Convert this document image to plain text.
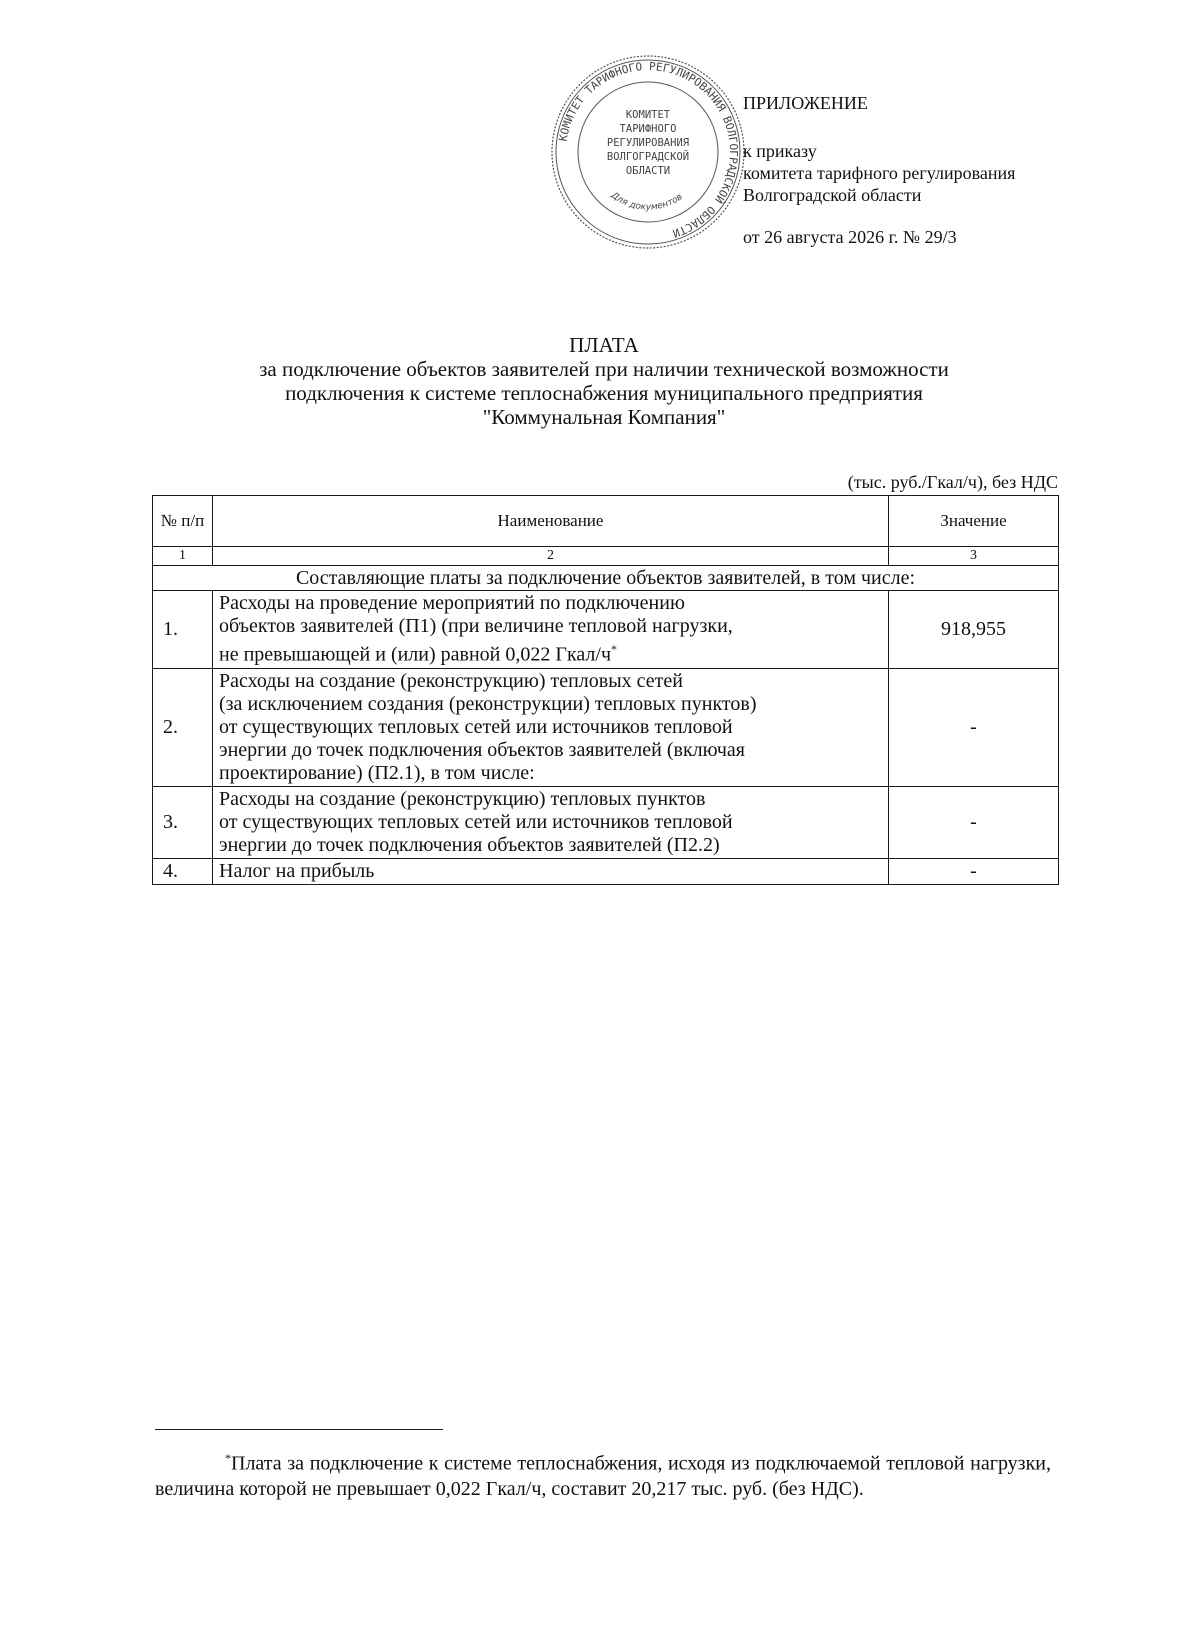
КОМИТЕТ ТАРИФНОГО РЕГУЛИРОВАНИЯ ВОЛГОГРАДСКОЙ ОБЛАСТИ
КОМИТЕТ
ТАРИФНОГО
РЕГУЛИРОВАНИЯ
ВОЛГОГРАДСКОЙ
ОБЛАСТИ
Для документов
ПРИЛОЖЕНИЕ
к приказу
комитета тарифного регулирования
Волгоградской области
от 26 августа 2026 г. № 29/3
ПЛАТА
за подключение объектов заявителей при наличии технической возможности
подключения к системе теплоснабжения муниципального предприятия
"Коммунальная Компания"
(тыс. руб./Гкал/ч), без НДС
№ п/п	Наименование	Значение
1	2	3
Составляющие платы за подключение объектов заявителей, в том числе:		
1.	Расходы на проведение мероприятий по подключению
объектов заявителей (П1) (при величине тепловой нагрузки,
не превышающей и (или) равной 0,022 Гкал/ч*	918,955
2.	Расходы на создание (реконструкцию) тепловых сетей
(за исключением создания (реконструкции) тепловых пунктов)
от существующих тепловых сетей или источников тепловой
энергии до точек подключения объектов заявителей (включая
проектирование) (П2.1), в том числе:	-
3.	Расходы на создание (реконструкцию) тепловых пунктов
от существующих тепловых сетей или источников тепловой
энергии до точек подключения объектов заявителей (П2.2)	-
4.	Налог на прибыль	-
*Плата за подключение к системе теплоснабжения, исходя из подключаемой тепловой нагрузки, величина которой не превышает 0,022 Гкал/ч, составит 20,217 тыс. руб. (без НДС).
